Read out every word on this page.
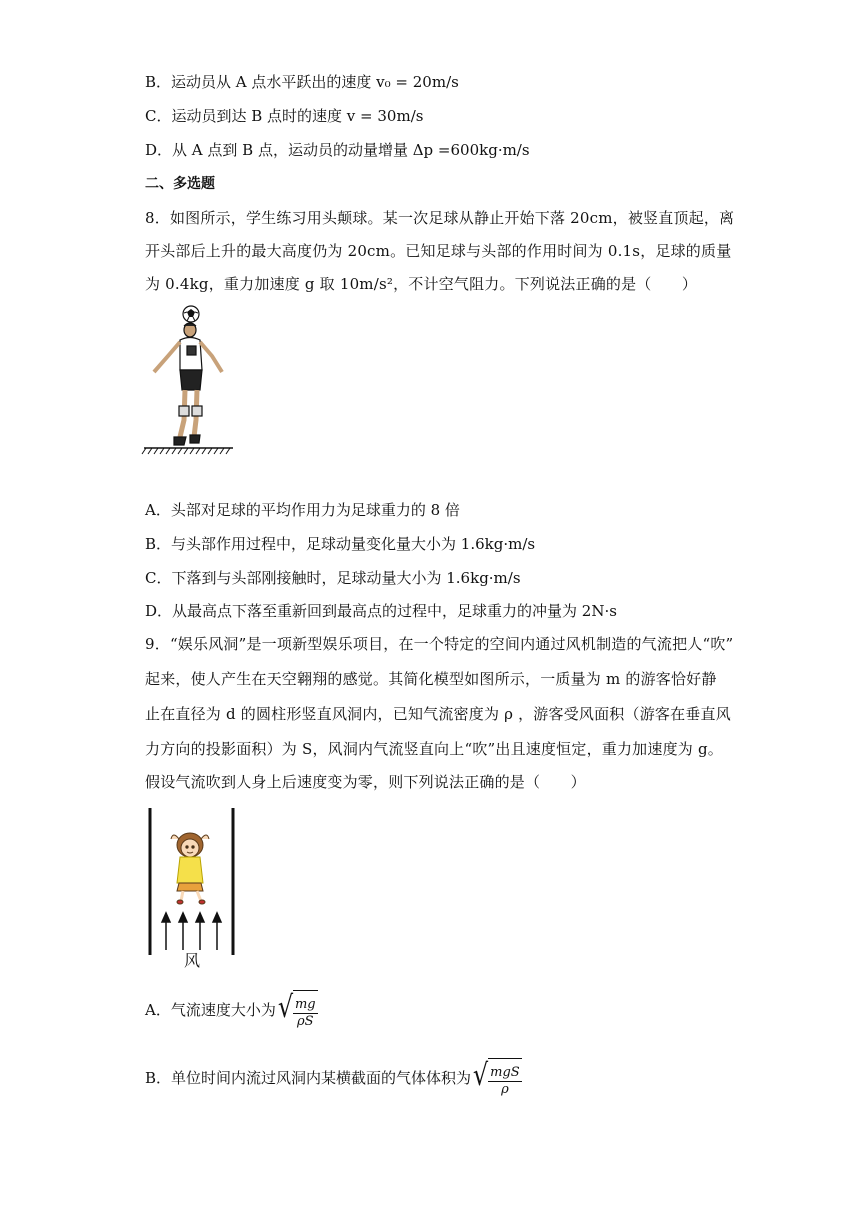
B．运动员从 A 点水平跃出的速度 v₀ = 20m/s
C．运动员到达 B 点时的速度 v = 30m/s
D．从 A 点到 B 点，运动员的动量增量 Δp =600kg·m/s
二、多选题
8．如图所示，学生练习用头颠球。某一次足球从静止开始下落 20cm，被竖直顶起，离
开头部后上升的最大高度仍为 20cm。已知足球与头部的作用时间为 0.1s，足球的质量
为 0.4kg，重力加速度 g 取 10m/s²，不计空气阻力。下列说法正确的是（　　）
A．头部对足球的平均作用力为足球重力的 8 倍
B．与头部作用过程中，足球动量变化量大小为 1.6kg·m/s
C．下落到与头部刚接触时，足球动量大小为 1.6kg·m/s
D．从最高点下落至重新回到最高点的过程中，足球重力的冲量为 2N·s
9．“娱乐风洞”是一项新型娱乐项目，在一个特定的空间内通过风机制造的气流把人“吹”
起来，使人产生在天空翱翔的感觉。其简化模型如图所示，一质量为 m 的游客恰好静
止在直径为 d 的圆柱形竖直风洞内，已知气流密度为 ρ ，游客受风面积（游客在垂直风
力方向的投影面积）为 S，风洞内气流竖直向上“吹”出且速度恒定，重力加速度为 g。
假设气流吹到人身上后速度变为零，则下列说法正确的是（　　）
风
A．气流速度大小为 √ $\frac{mg}{\rho S}$
B．单位时间内流过风洞内某横截面的气体体积为 √ $\frac{\text{mgS}}{\rho}$
